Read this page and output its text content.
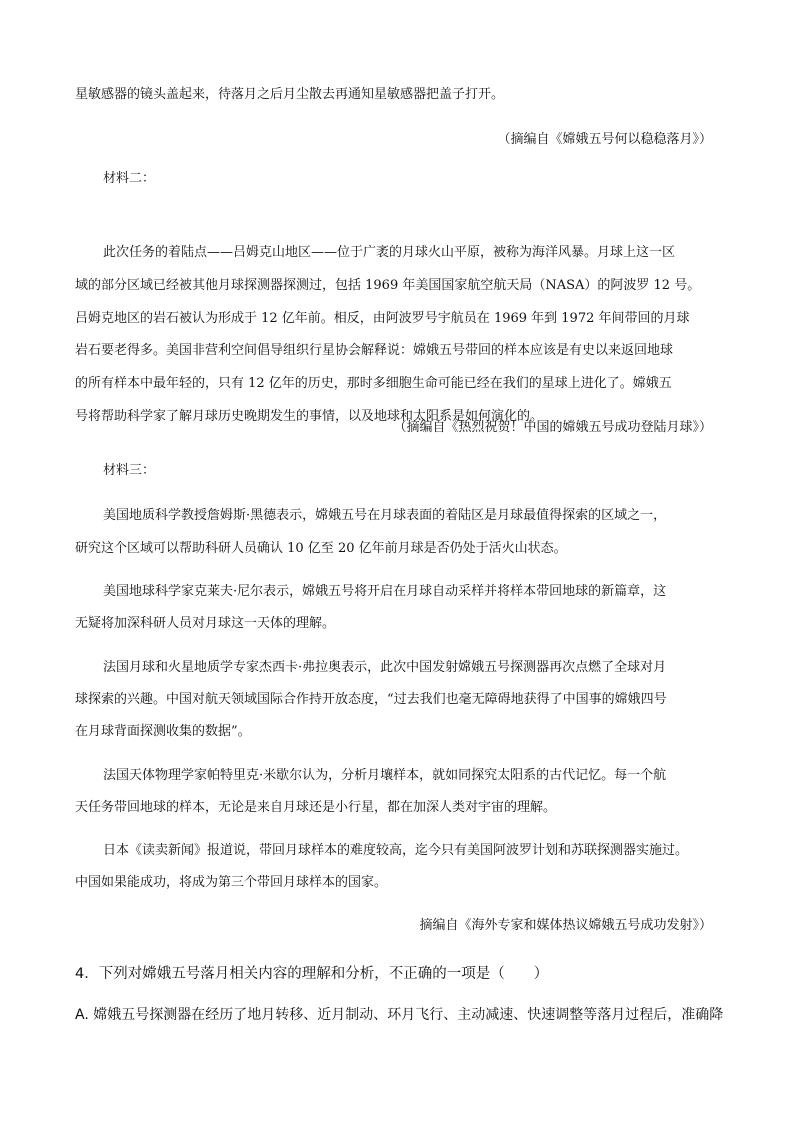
星敏感器的镜头盖起来，待落月之后月尘散去再通知星敏感器把盖子打开。
（摘编自《嫦娥五号何以稳稳落月》）
材料二：
此次任务的着陆点——吕姆克山地区——位于广袤的月球火山平原，被称为海洋风暴。月球上这一区
域的部分区域已经被其他月球探测器探测过，包括 1969 年美国国家航空航天局（NASA）的阿波罗 12 号。
吕姆克地区的岩石被认为形成于 12 亿年前。相反，由阿波罗号宇航员在 1969 年到 1972 年间带回的月球
岩石要老得多。美国非营利空间倡导组织行星协会解释说：嫦娥五号带回的样本应该是有史以来返回地球
的所有样本中最年轻的，只有 12 亿年的历史，那时多细胞生命可能已经在我们的星球上进化了。嫦娥五
号将帮助科学家了解月球历史晚期发生的事情，以及地球和太阳系是如何演化的。
（摘编自《热烈祝贺！中国的嫦娥五号成功登陆月球》）
材料三：
美国地质科学教授詹姆斯·黑德表示，嫦娥五号在月球表面的着陆区是月球最值得探索的区域之一，
研究这个区域可以帮助科研人员确认 10 亿至 20 亿年前月球是否仍处于活火山状态。
美国地球科学家克莱夫·尼尔表示，嫦娥五号将开启在月球自动采样并将样本带回地球的新篇章，这
无疑将加深科研人员对月球这一天体的理解。
法国月球和火星地质学专家杰西卡·弗拉奥表示，此次中国发射嫦娥五号探测器再次点燃了全球对月
球探索的兴趣。中国对航天领域国际合作持开放态度，“过去我们也毫无障碍地获得了中国事的嫦娥四号
在月球背面探测收集的数据”。
法国天体物理学家帕特里克·米歇尔认为，分析月壤样本，就如同探究太阳系的古代记忆。每一个航
天任务带回地球的样本，无论是来自月球还是小行星，都在加深人类对宇宙的理解。
日本《读卖新闻》报道说，带回月球样本的难度较高，迄今只有美国阿波罗计划和苏联探测器实施过。
中国如果能成功，将成为第三个带回月球样本的国家。
摘编自《海外专家和媒体热议嫦娥五号成功发射》）
4．下列对嫦娥五号落月相关内容的理解和分析，不正确的一项是（　　）
A. 嫦娥五号探测器在经历了地月转移、近月制动、环月飞行、主动减速、快速调整等落月过程后，准确降
